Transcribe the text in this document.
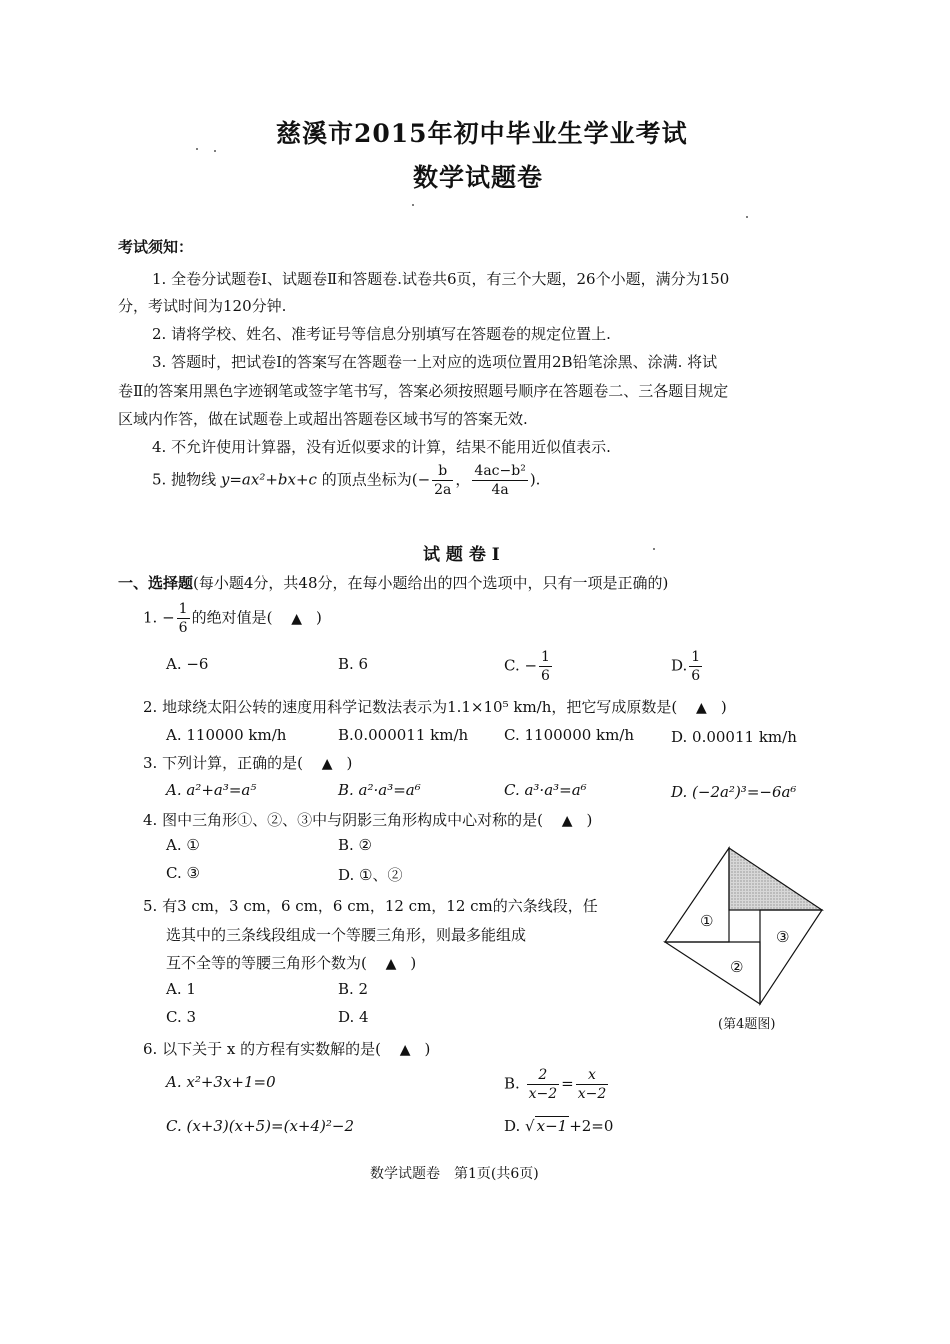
慈溪市2015年初中毕业生学业考试
数学试题卷
考试须知：
1. 全卷分试题卷Ⅰ、试题卷Ⅱ和答题卷.试卷共6页，有三个大题，26个小题，满分为150
分，考试时间为120分钟.
2. 请将学校、姓名、准考证号等信息分别填写在答题卷的规定位置上.
3. 答题时，把试卷Ⅰ的答案写在答题卷一上对应的选项位置用2B铅笔涂黑、涂满. 将试
卷Ⅱ的答案用黑色字迹钢笔或签字笔书写，答案必须按照题号顺序在答题卷二、三各题目规定
区域内作答，做在试题卷上或超出答题卷区域书写的答案无效.
4. 不允许使用计算器，没有近似要求的计算，结果不能用近似值表示.
5. 抛物线 y=ax²+bx+c 的顶点坐标为(− $\frac{b}{2a}$ ， $\frac{\text{4ac−b²}}{4a}$ ).
试 题 卷 Ⅰ
一、选择题(每小题4分，共48分，在每小题给出的四个选项中，只有一项是正确的)
1. − $\frac{1}{6}$ 的绝对值是( ▲ )
A. −6	B. 6	C. − $\frac{1}{6}$	D. $\frac{1}{6}$
2. 地球绕太阳公转的速度用科学记数法表示为1.1×10⁵ km/h，把它写成原数是( ▲ )
A. 110000 km/h	B.0.000011 km/h C. 1100000 km/h D. 0.00011 km/h
3. 下列计算，正确的是( ▲ )
A. a²+a³=a⁵	B. a²·a³=a⁶	C. a³·a³=a⁶	D. (−2a²)³=−6a⁶
4. 图中三角形①、②、③中与阴影三角形构成中心对称的是( ▲ )
A. ①	B. ②
C. ③	D. ①、②
①
②
③
(第4题图)
5. 有3 cm，3 cm，6 cm，6 cm，12 cm，12 cm的六条线段，任
选其中的三条线段组成一个等腰三角形，则最多能组成
互不全等的等腰三角形个数为( ▲ )
A. 1	B. 2
C. 3	D. 4
6. 以下关于 x 的方程有实数解的是( ▲ )
A. x²+3x+1=0	B. $\frac{2}{x-2} = \frac{x}{x-2}$
C. (x+3)(x+5)=(x+4)²−2	D. √ x−1 +2=0
数学试题卷　第1页(共6页)
